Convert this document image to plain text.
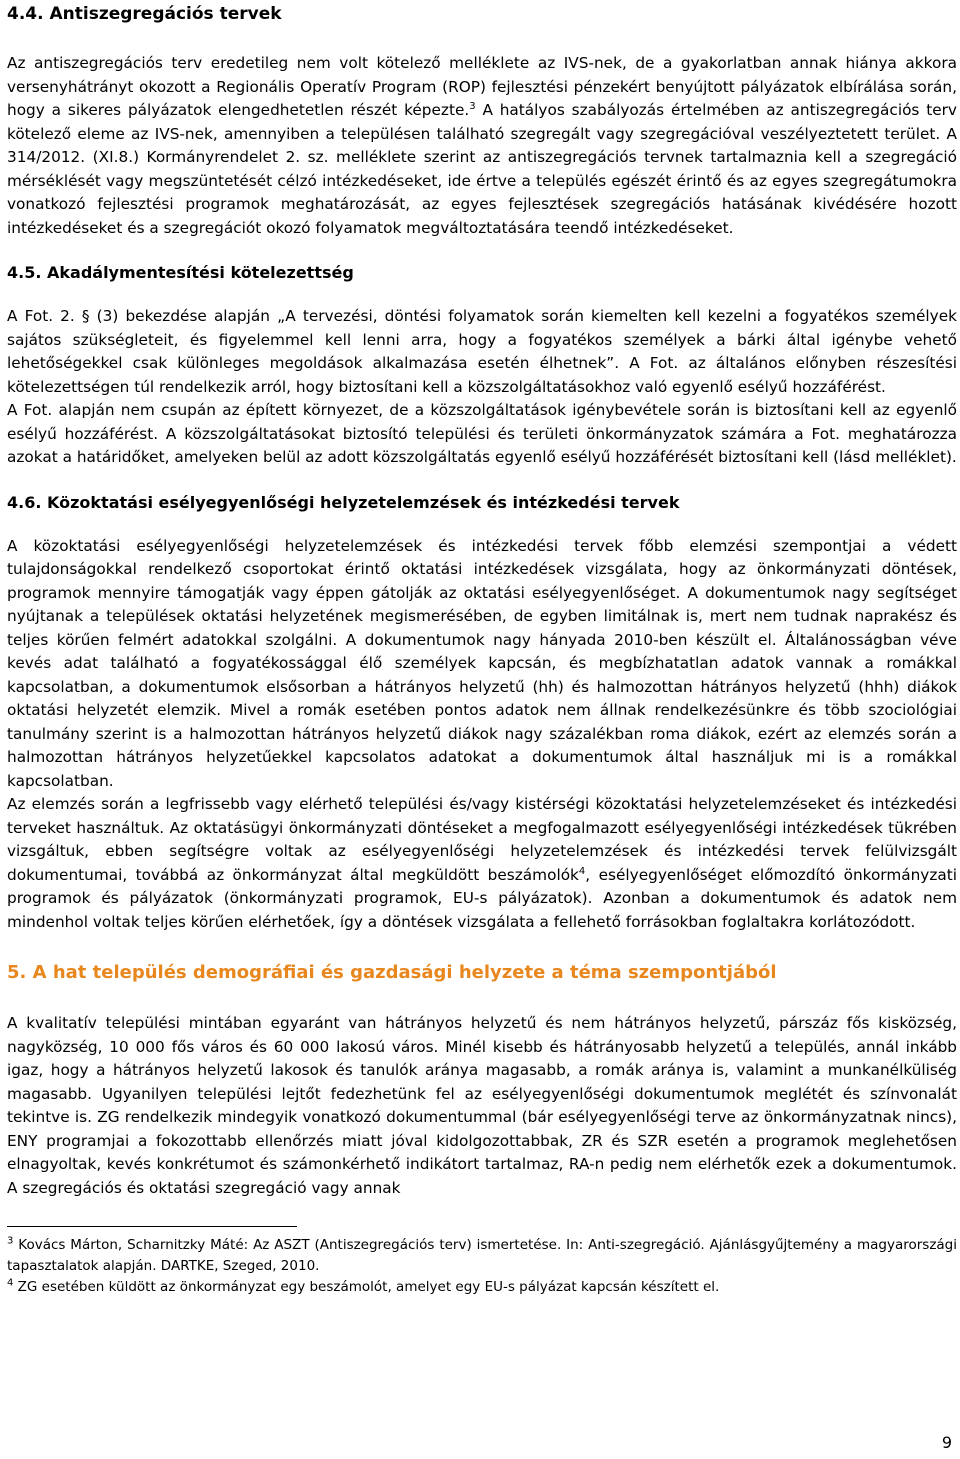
4.4. Antiszegregációs tervek

Az antiszegregációs terv eredetileg nem volt kötelező melléklete az IVS-nek, de a gyakorlatban annak hiánya akkora versenyhátrányt okozott a Regionális Operatív Program (ROP) fejlesztési pénzekért benyújtott pályázatok elbírálása során, hogy a sikeres pályázatok elengedhetetlen részét képezte.$^3$ A hatályos szabályozás értelmében az antiszegregációs terv kötelező eleme az IVS-nek, amennyiben a településen található szegregált vagy szegregációval veszélyeztetett terület. A 314/2012. (XI.8.) Kormányrendelet 2. sz. melléklete szerint az antiszegregációs tervnek tartalmaznia kell a szegregáció mérséklését vagy megszüntetését célzó intézkedéseket, ide értve a település egészét érintő és az egyes szegregátumokra vonatkozó fejlesztési programok meghatározását, az egyes fejlesztések szegregációs hatásának kivédésére hozott intézkedéseket és a szegregációt okozó folyamatok megváltoztatására teendő intézkedéseket.

4.5. Akadálymentesítési kötelezettség

A Fot. 2. § (3) bekezdése alapján „A tervezési, döntési folyamatok során kiemelten kell kezelni a fogyatékos személyek sajátos szükségleteit, és figyelemmel kell lenni arra, hogy a fogyatékos személyek a bárki által igénybe vehető lehetőségekkel csak különleges megoldások alkalmazása esetén élhetnek”. A Fot. az általános előnyben részesítési kötelezettségen túl rendelkezik arról, hogy biztosítani kell a közszolgáltatásokhoz való egyenlő esélyű hozzáférést.

A Fot. alapján nem csupán az épített környezet, de a közszolgáltatások igénybevétele során is biztosítani kell az egyenlő esélyű hozzáférést. A közszolgáltatásokat biztosító települési és területi önkormányzatok számára a Fot. meghatározza azokat a határidőket, amelyeken belül az adott közszolgáltatás egyenlő esélyű hozzáférését biztosítani kell (lásd melléklet).

4.6. Közoktatási esélyegyenlőségi helyzetelemzések és intézkedési tervek

A közoktatási esélyegyenlőségi helyzetelemzések és intézkedési tervek főbb elemzési szempontjai a védett tulajdonságokkal rendelkező csoportokat érintő oktatási intézkedések vizsgálata, hogy az önkormányzati döntések, programok mennyire támogatják vagy éppen gátolják az oktatási esélyegyenlőséget. A dokumentumok nagy segítséget nyújtanak a települések oktatási helyzetének megismerésében, de egyben limitálnak is, mert nem tudnak naprakész és teljes körűen felmért adatokkal szolgálni. A dokumentumok nagy hányada 2010-ben készült el. Általánosságban véve kevés adat található a fogyatékossággal élő személyek kapcsán, és megbízhatatlan adatok vannak a romákkal kapcsolatban, a dokumentumok elsősorban a hátrányos helyzetű (hh) és halmozottan hátrányos helyzetű (hhh) diákok oktatási helyzetét elemzik. Mivel a romák esetében pontos adatok nem állnak rendelkezésünkre és több szociológiai tanulmány szerint is a halmozottan hátrányos helyzetű diákok nagy százalékban roma diákok, ezért az elemzés során a halmozottan hátrányos helyzetűekkel kapcsolatos adatokat a dokumentumok által használjuk mi is a romákkal kapcsolatban.

Az elemzés során a legfrissebb vagy elérhető települési és/vagy kistérségi közoktatási helyzetelemzéseket és intézkedési terveket használtuk. Az oktatásügyi önkormányzati döntéseket a megfogalmazott esélyegyenlőségi intézkedések tükrében vizsgáltuk, ebben segítségre voltak az esélyegyenlőségi helyzetelemzések és intézkedési tervek felülvizsgált dokumentumai, továbbá az önkormányzat által megküldött beszámolók$^4$, esélyegyenlőséget előmozdító önkormányzati programok és pályázatok (önkormányzati programok, EU-s pályázatok). Azonban a dokumentumok és adatok nem mindenhol voltak teljes körűen elérhetőek, így a döntések vizsgálata a fellehető forrásokban foglaltakra korlátozódott.

5. A hat település demográfiai és gazdasági helyzete a téma szempontjából

A kvalitatív települési mintában egyaránt van hátrányos helyzetű és nem hátrányos helyzetű, párszáz fős kisközség, nagyközség, 10 000 fős város és 60 000 lakosú város. Minél kisebb és hátrányosabb helyzetű a település, annál inkább igaz, hogy a hátrányos helyzetű lakosok és tanulók aránya magasabb, a romák aránya is, valamint a munkanélküliség magasabb. Ugyanilyen települési lejtőt fedezhetünk fel az esélyegyenlőségi dokumentumok meglétét és színvonalát tekintve is. ZG rendelkezik mindegyik vonatkozó dokumentummal (bár esélyegyenlőségi terve az önkormányzatnak nincs), ENY programjai a fokozottabb ellenőrzés miatt jóval kidolgozottabbak, ZR és SZR esetén a programok meglehetősen elnagyoltak, kevés konkrétumot és számonkérhető indikátort tartalmaz, RA-n pedig nem elérhetők ezek a dokumentumok. A szegregációs és oktatási szegregáció vagy annak

$^3$ Kovács Márton, Scharnitzky Máté: Az ASZT (Antiszegregációs terv) ismertetése. In: Anti-szegregáció. Ajánlásgyűjtemény a magyarországi tapasztalatok alapján. DARTKE, Szeged, 2010.

$^4$ ZG esetében küldött az önkormányzat egy beszámolót, amelyet egy EU-s pályázat kapcsán készített el.

9
